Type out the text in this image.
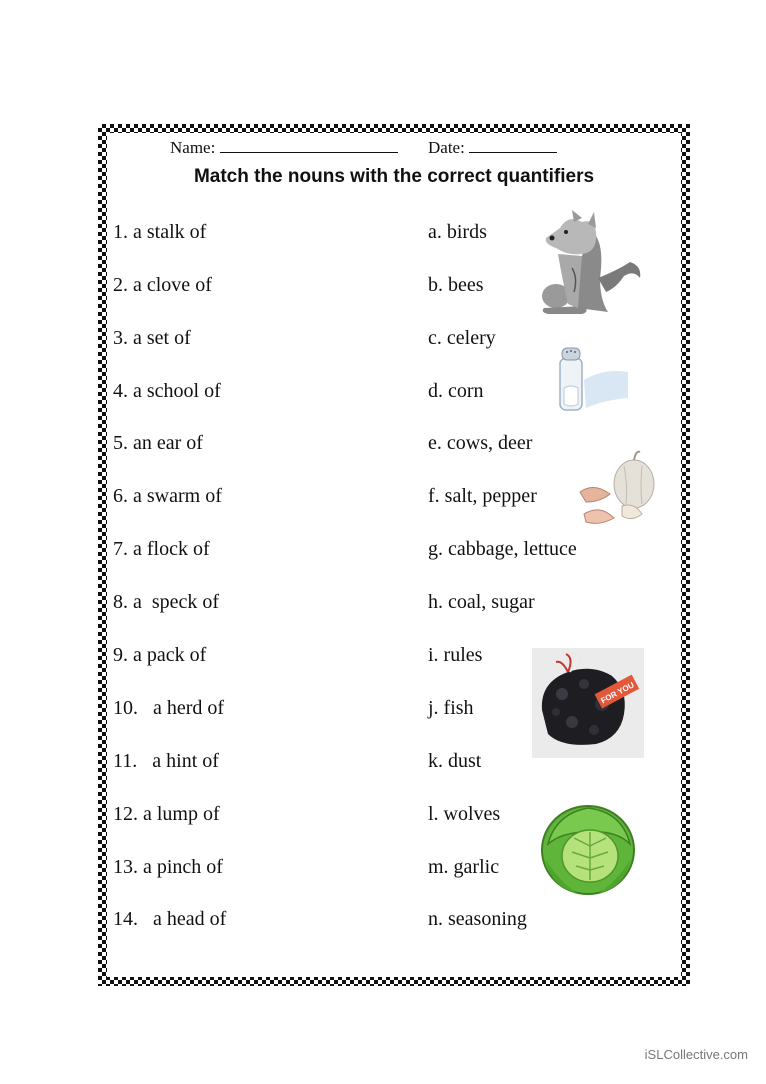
Name:	Date:
Match the nouns with the correct quantifiers
1. a stalk of
2. a clove of
3. a set of
4. a school of
5. an ear of
6. a swarm of
7. a flock of
8. a  speck of
9. a pack of
10.   a herd of
11.   a hint of
12. a lump of
13. a pinch of
14.   a head of
a. birds
b. bees
c. celery
d. corn
e. cows, deer
f. salt, pepper
g. cabbage, lettuce
h. coal, sugar
i. rules
j. fish
k. dust
l. wolves
m. garlic
n. seasoning
FOR YOU
iSLCollective.com
